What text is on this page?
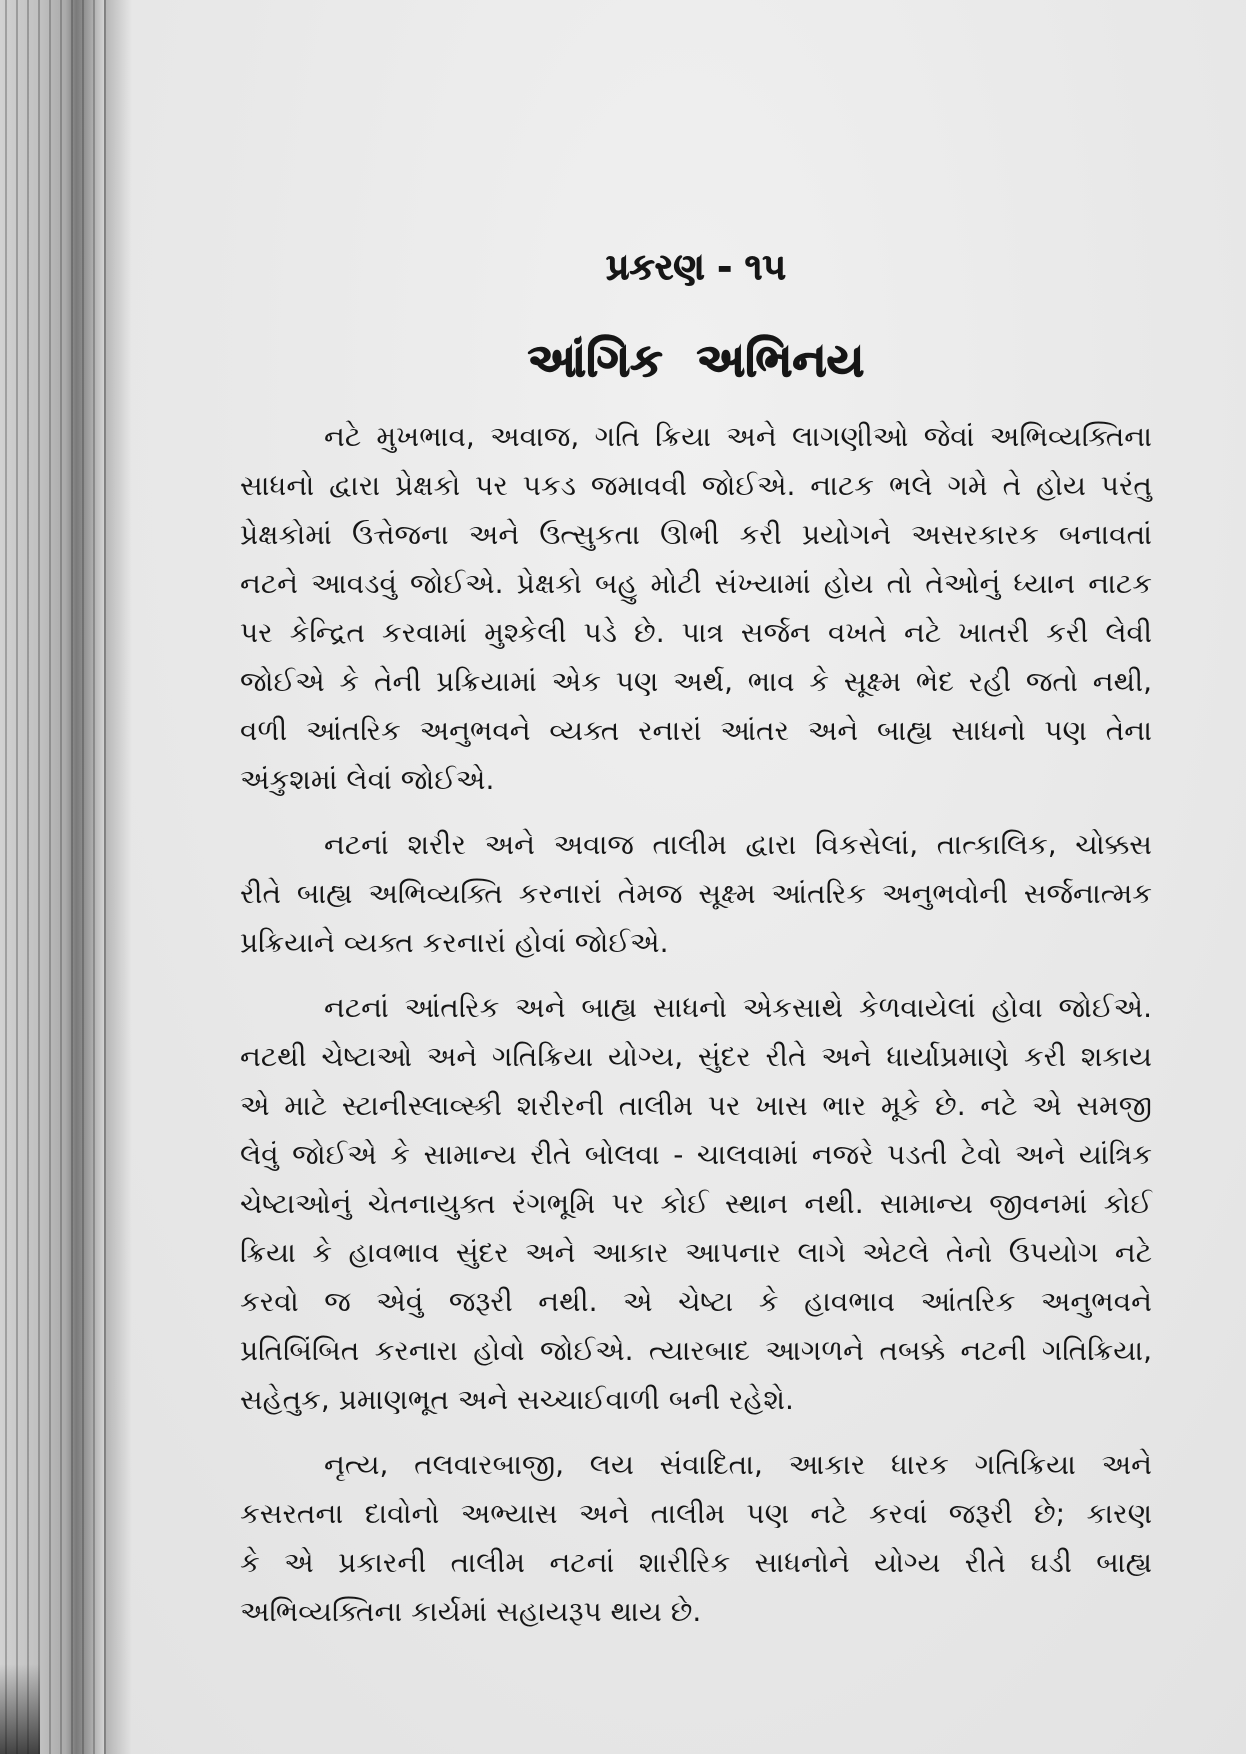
પ્રકરણ - ૧૫
આંગિક અભિનય
નટે મુખભાવ, અવાજ, ગતિ ક્રિયા અને લાગણીઓ જેવાં અભિવ્યક્તિના
સાધનો દ્વારા પ્રેક્ષકો પર પકડ જમાવવી જોઈએ. નાટક ભલે ગમે તે હોય પરંતુ
પ્રેક્ષકોમાં ઉત્તેજના અને ઉત્સુકતા ઊભી કરી પ્રયોગને અસરકારક બનાવતાં
નટને આવડવું જોઈએ. પ્રેક્ષકો બહુ મોટી સંખ્યામાં હોય તો તેઓનું ધ્યાન નાટક
પર કેન્દ્રિત કરવામાં મુશ્કેલી પડે છે. પાત્ર સર્જન વખતે નટે ખાતરી કરી લેવી
જોઈએ કે તેની પ્રક્રિયામાં એક પણ અર્થ, ભાવ કે સૂક્ષ્મ ભેદ રહી જતો નથી,
વળી આંતરિક અનુભવને વ્યક્ત રનારાં આંતર અને બાહ્ય સાધનો પણ તેના
અંકુશમાં લેવાં જોઈએ.
નટનાં શરીર અને અવાજ તાલીમ દ્વારા વિકસેલાં, તાત્કાલિક, ચોક્કસ
રીતે બાહ્ય અભિવ્યક્તિ કરનારાં તેમજ સૂક્ષ્મ આંતરિક અનુભવોની સર્જનાત્મક
પ્રક્રિયાને વ્યક્ત કરનારાં હોવાં જોઈએ.
નટનાં આંતરિક અને બાહ્ય સાધનો એકસાથે કેળવાયેલાં હોવા જોઈએ.
નટથી ચેષ્ટાઓ અને ગતિક્રિયા યોગ્ય, સુંદર રીતે અને ધાર્યાપ્રમાણે કરી શકાય
એ માટે સ્ટાનીસ્લાવ્સ્કી શરીરની તાલીમ પર ખાસ ભાર મૂકે છે. નટે એ સમજી
લેવું જોઈએ કે સામાન્ય રીતે બોલવા - ચાલવામાં નજરે પડતી ટેવો અને યાંત્રિક
ચેષ્ટાઓનું ચેતનાયુક્ત રંગભૂમિ પર કોઈ સ્થાન નથી. સામાન્ય જીવનમાં કોઈ
ક્રિયા કે હાવભાવ સુંદર અને આકાર આપનાર લાગે એટલે તેનો ઉપયોગ નટે
કરવો જ એવું જરૂરી નથી. એ ચેષ્ટા કે હાવભાવ આંતરિક અનુભવને
પ્રતિબિંબિત કરનારા હોવો જોઈએ. ત્યારબાદ આગળને તબક્કે નટની ગતિક્રિયા,
સહેતુક, પ્રમાણભૂત અને સચ્ચાઈવાળી બની રહેશે.
નૃત્ય, તલવારબાજી, લય સંવાદિતા, આકાર ધારક ગતિક્રિયા અને
કસરતના દાવોનો અભ્યાસ અને તાલીમ પણ નટે કરવાં જરૂરી છે; કારણ
કે એ પ્રકારની તાલીમ નટનાં શારીરિક સાધનોને યોગ્ય રીતે ઘડી બાહ્ય
અભિવ્યક્તિના કાર્યમાં સહાયરૂપ થાય છે.
